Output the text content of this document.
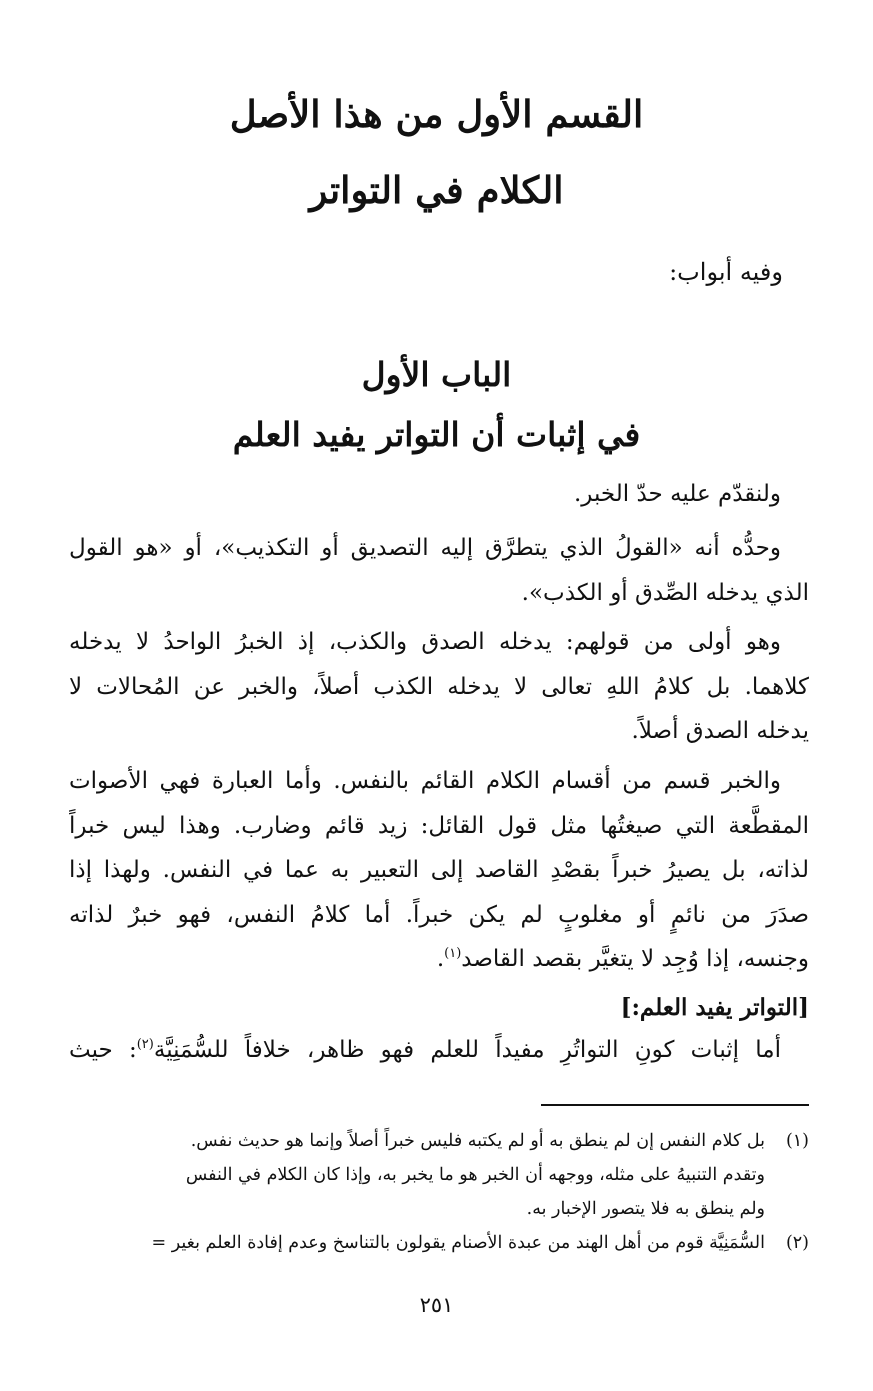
القسم الأول من هذا الأصل
الكلام في التواتر
وفيه أبواب:
الباب الأول
في إثبات أن التواتر يفيد العلم
ولنقدّم عليه حدّ الخبر.
وحدُّه أنه «القولُ الذي يتطرَّق إليه التصديق أو التكذيب»، أو «هو القول
الذي يدخله الصِّدق أو الكذب».
وهو أولى من قولهم: يدخله الصدق والكذب، إذ الخبرُ الواحدُ لا يدخله
كلاهما. بل كلامُ اللهِ تعالى لا يدخله الكذب أصلاً، والخبر عن المُحالات لا
يدخله الصدق أصلاً.
والخبر قسم من أقسام الكلام القائم بالنفس. وأما العبارة فهي الأصوات
المقطَّعة التي صيغتُها مثل قول القائل: زيد قائم وضارب. وهذا ليس خبراً
لذاته، بل يصيرُ خبراً بقصْدِ القاصد إلى التعبير به عما في النفس. ولهذا إذا
صدَرَ من نائمٍ أو مغلوبٍ لم يكن خبراً. أما كلامُ النفس، فهو خبرٌ لذاته
وجنسه، إذا وُجِد لا يتغيَّر بقصد القاصد$^{(١)}$.
[التواتر يفيد العلم:]
أما إثبات كونِ التواتُرِ مفيداً للعلم فهو ظاهر، خلافاً للسُّمَنِيَّة$^{(٢)}$: حيث
(١)
بل كلام النفس إن لم ينطق به أو لم يكتبه فليس خبراً أصلاً وإنما هو حديث نفس.
وتقدم التنبيهُ على مثله، ووجهه أن الخبر هو ما يخبر به، وإذا كان الكلام في النفس
ولم ينطق به فلا يتصور الإخبار به.
(٢)
السُّمَنِيَّة قوم من أهل الهند من عبدة الأصنام يقولون بالتناسخ وعدم إفادة العلم بغير =
٢٥١
